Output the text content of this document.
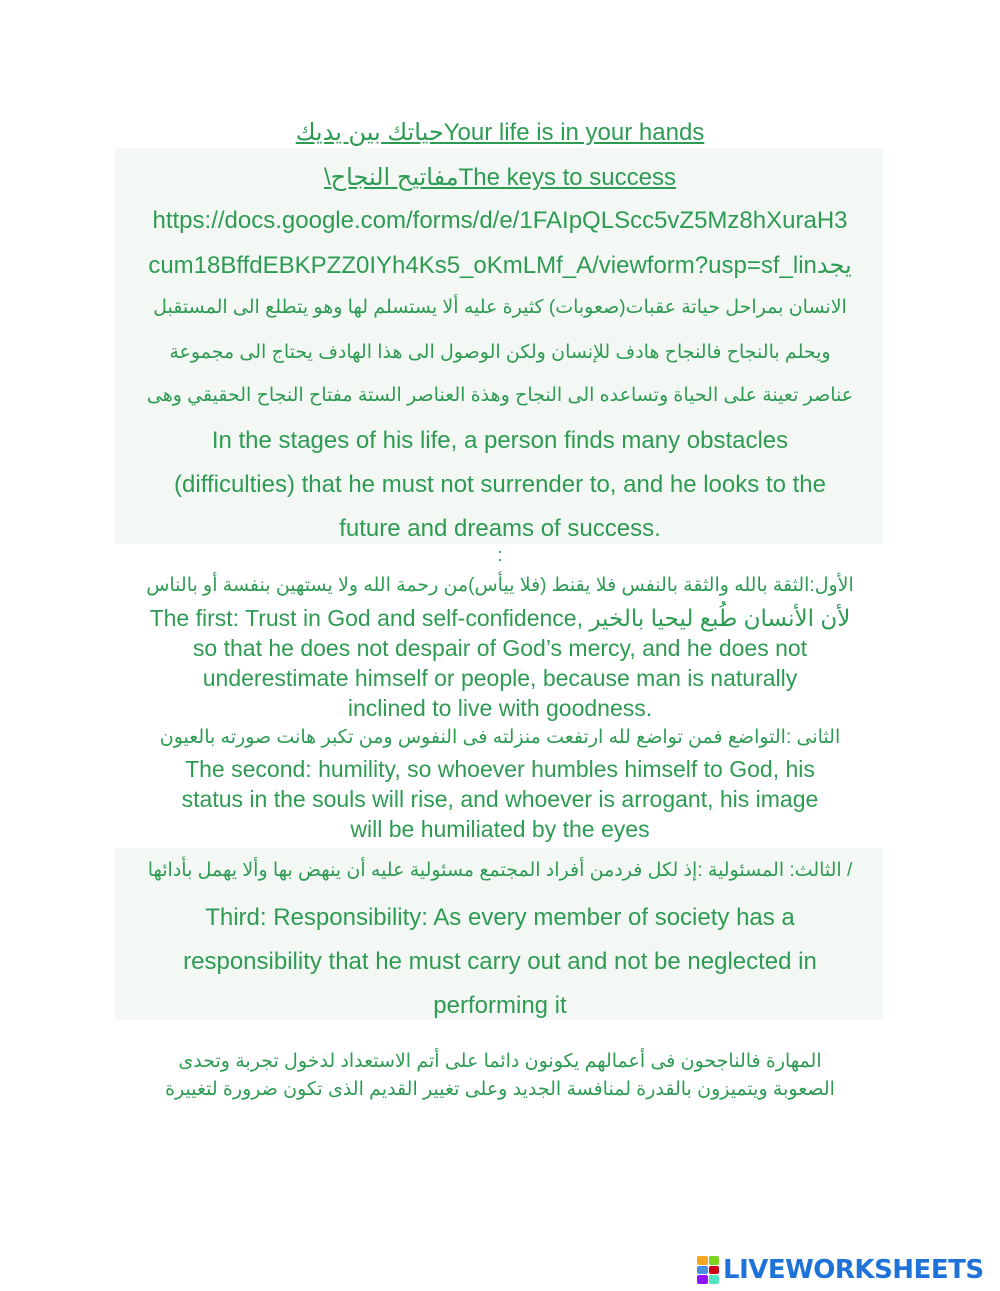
حياتك بين يديكYour life is in your hands
\مفاتيح النجاحThe keys to success
https://docs.google.com/forms/d/e/1FAIpQLScc5vZ5Mz8hXuraH3
cum18BffdEBKPZZ0IYh4Ks5_oKmLMf_A/viewform?usp=sf_linيجد
الانسان بمراحل حياتة عقبات(صعوبات) كثيرة عليه ألا يستسلم لها وهو يتطلع الى المستقبل
ويحلم بالنجاح فالنجاح هادف للإنسان ولكن الوصول الى هذا الهادف يحتاج الى مجموعة
عناصر تعينة على الحياة وتساعده الى النجاح وهذة العناصر الستة مفتاح النجاح الحقيقي وهى
In the stages of his life, a person finds many obstacles
(difficulties) that he must not surrender to, and he looks to the
future and dreams of success.
:
الأول:الثقة بالله والثقة بالنفس فلا يقنط (فلا ييأس)من رحمة الله ولا يستهين بنفسة أو بالناس
The first: Trust in God and self-confidence, لأن الأنسان طُبع ليحيا بالخير
so that he does not despair of God’s mercy, and he does not
underestimate himself or people, because man is naturally
inclined to live with goodness.
الثانى :التواضع فمن تواضع لله ارتفعت منزلته فى النفوس ومن تكبر هانت صورته بالعيون
The second: humility, so whoever humbles himself to God, his
status in the souls will rise, and whoever is arrogant, his image
will be humiliated by the eyes
/ الثالث: المسئولية :إذ لكل فردمن أفراد المجتمع مسئولية عليه أن ينهض بها وألا يهمل بأدائها
Third: Responsibility: As every member of society has a
responsibility that he must carry out and not be neglected in
performing it
المهارة فالناجحون فى أعمالهم يكونون دائما على أتم الاستعداد لدخول تجربة وتحدى
الصعوبة ويتميزون بالقدرة لمنافسة الجديد وعلى تغيير القديم الذى تكون ضرورة لتغييرة
LIVEWORKSHEETS
